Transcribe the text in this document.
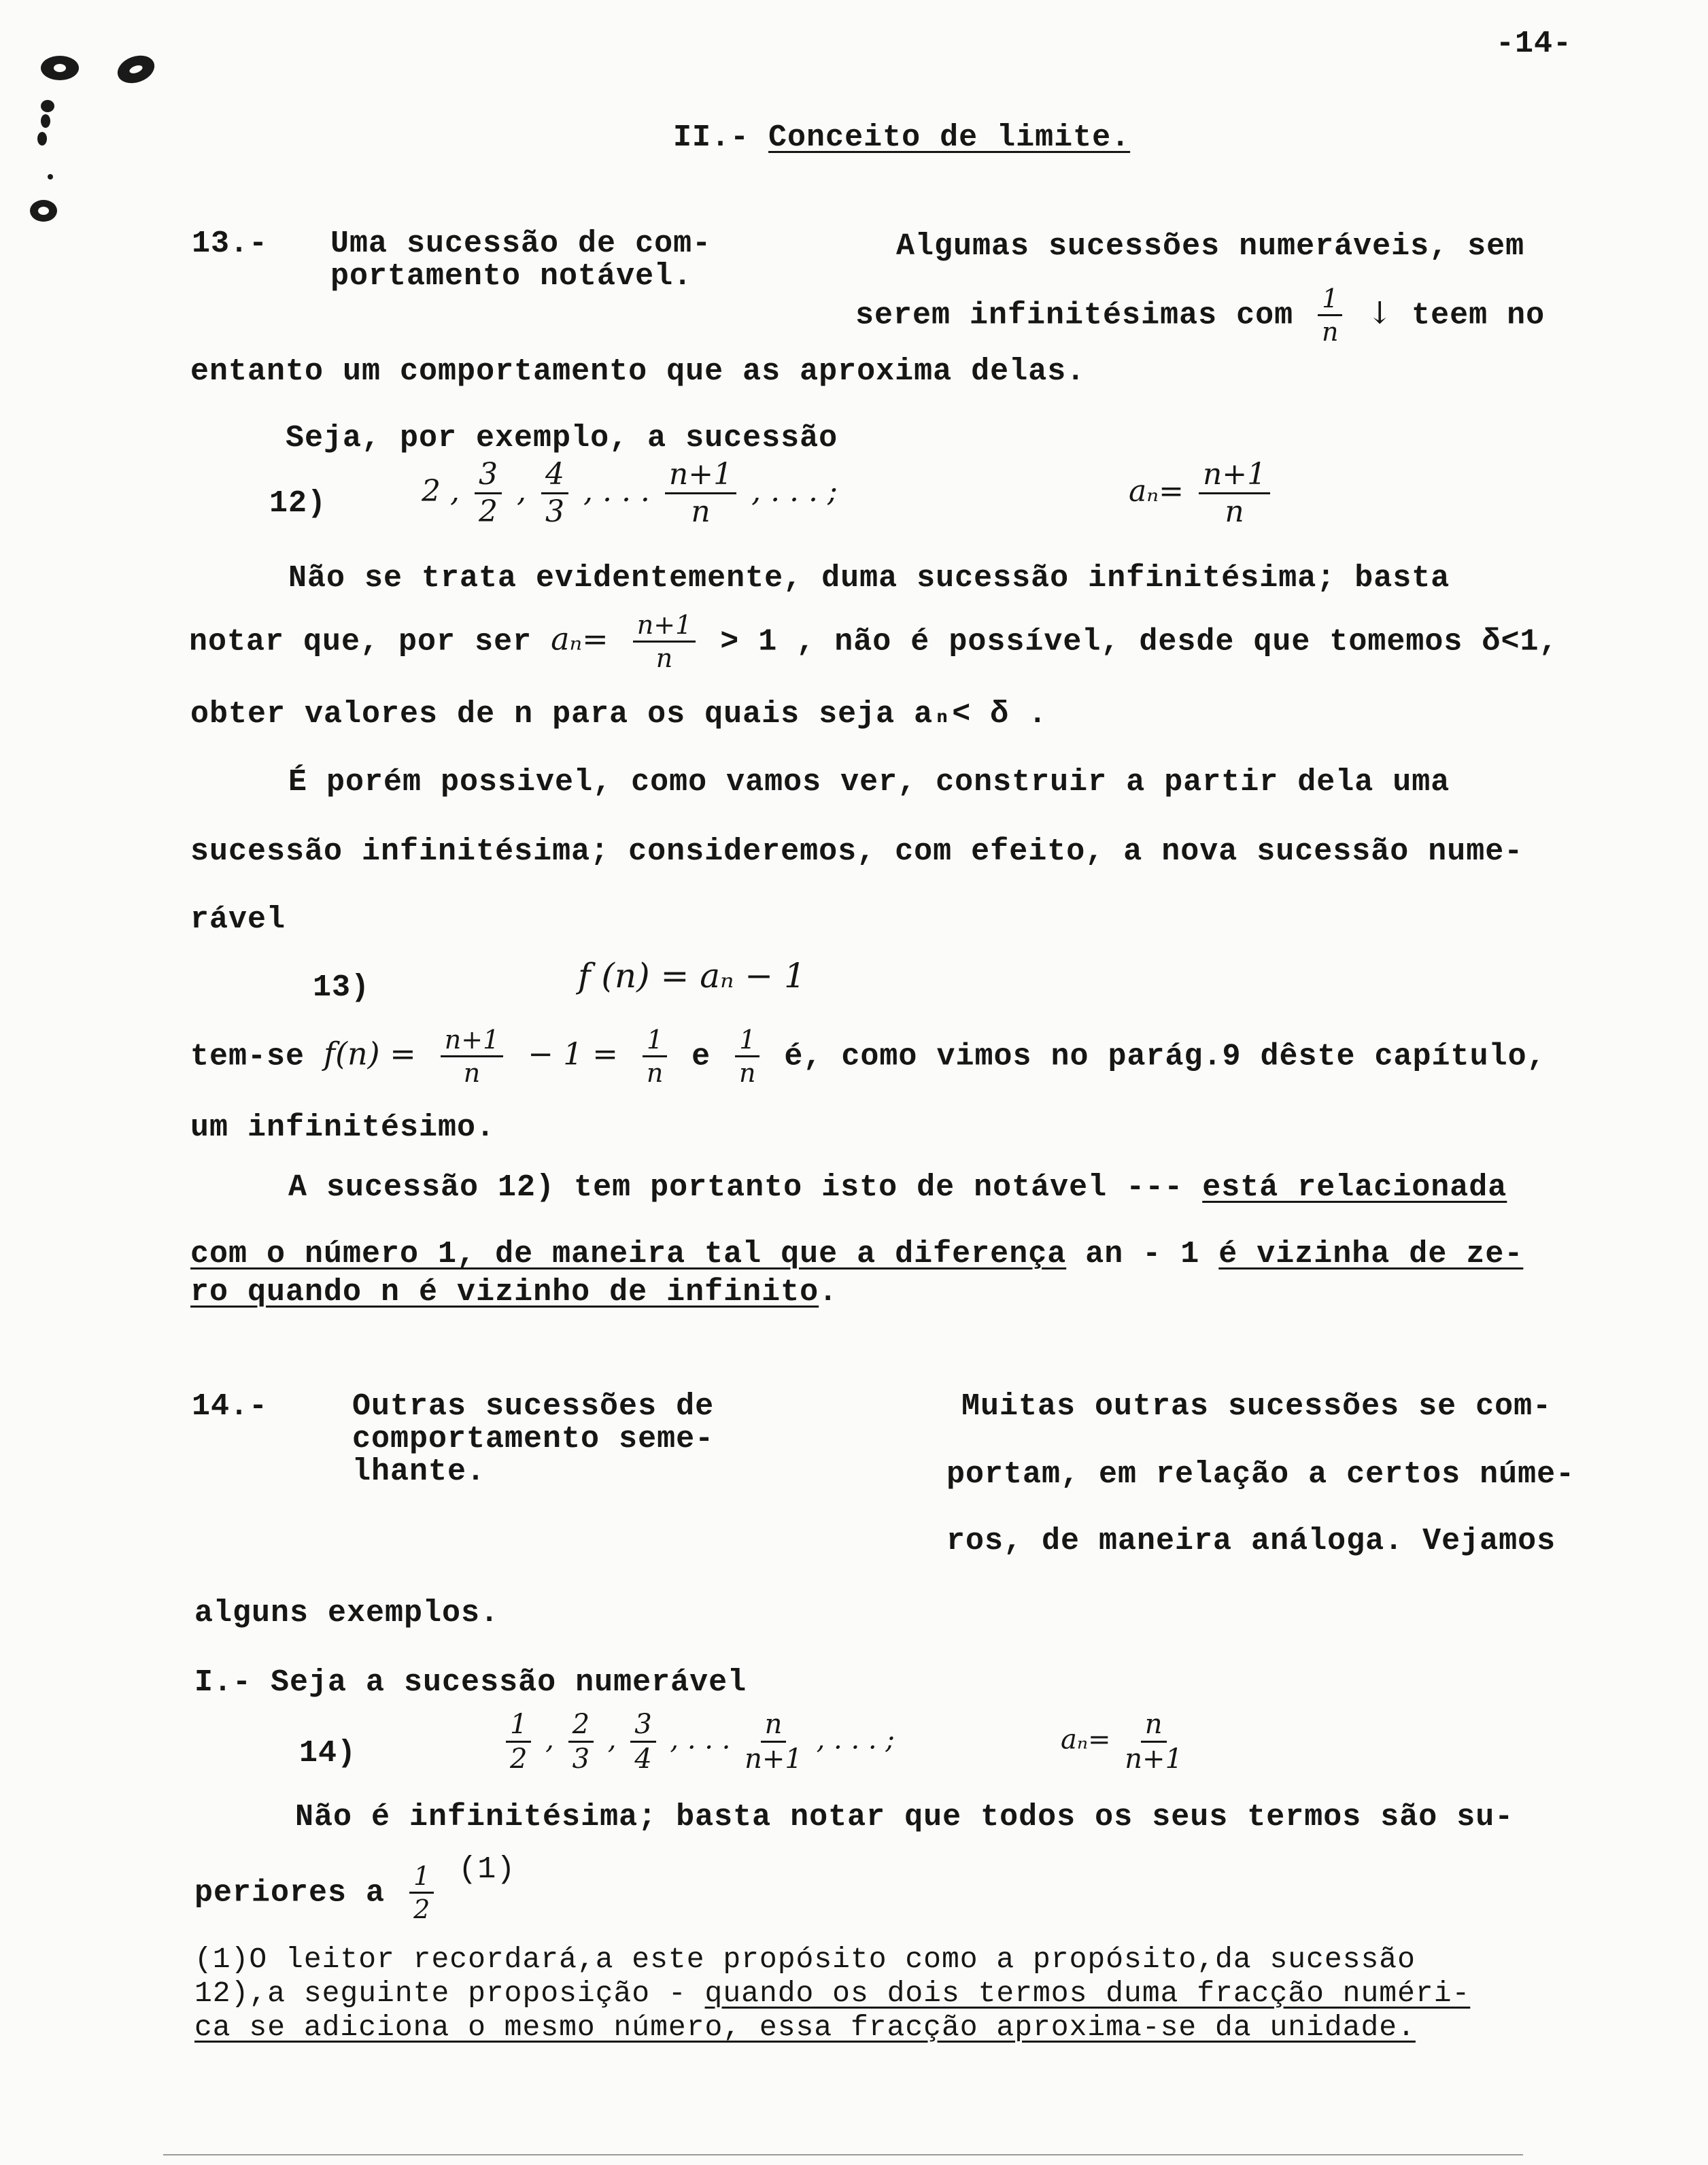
-14-
II.- Conceito de limite.
13.- Uma sucessão de com-
portamento notável.
Algumas sucessões numeráveis, sem
serem infinitésimas com $\frac{1}{n}$ ↓ teem no
entanto um comportamento que as aproxima delas.
Seja, por exemplo, a sucessão
12)	2 , $\frac{3}{2}$ , $\frac{4}{3}$ , . . . $\frac{n+1}{n}$ , . . . ;	$a_n= \frac{n+1}{n}$
Não se trata evidentemente, duma sucessão infinitésima; basta
notar que, por ser $a_n= \frac{n+1}{n} > 1$ , não é possível, desde que tomemos δ<1,
obter valores de n para os quais seja aₙ< δ .
É porém possivel, como vamos ver, construir a partir dela uma
sucessão infinitésima; consideremos, com efeito, a nova sucessão nume-
rável
13)	f (n) = aₙ − 1
tem-se $f(n) = \frac{n+1}{n} - 1 = \frac{1}{n}$ e $\frac{1}{n}$ é, como vimos no parág.9 dêste capítulo,
um infinitésimo.
A sucessão 12) tem portanto isto de notável --- está relacionada
com o número 1, de maneira tal que a diferença an - 1 é vizinha de ze-
ro quando n é vizinho de infinito.
14.-	Outras sucessões de
comportamento seme-
lhante.
Muitas outras sucessões se com-
portam, em relação a certos núme-
ros, de maneira análoga. Vejamos
alguns exemplos.
I.- Seja a sucessão numerável
14)	$\frac{1}{2}$ , $\frac{2}{3}$ , $\frac{3}{4}$ , . . . $\frac{n}{n+1}$ , . . . ;	$a_n= \frac{n}{n+1}$
Não é infinitésima; basta notar que todos os seus termos são su-
periores a $\frac{1}{2} (1)$
(1)O leitor recordará,a este propósito como a propósito,da sucessão
12),a seguinte proposição - quando os dois termos duma fracção numéri-
ca se adiciona o mesmo número, essa fracção aproxima-se da unidade.
